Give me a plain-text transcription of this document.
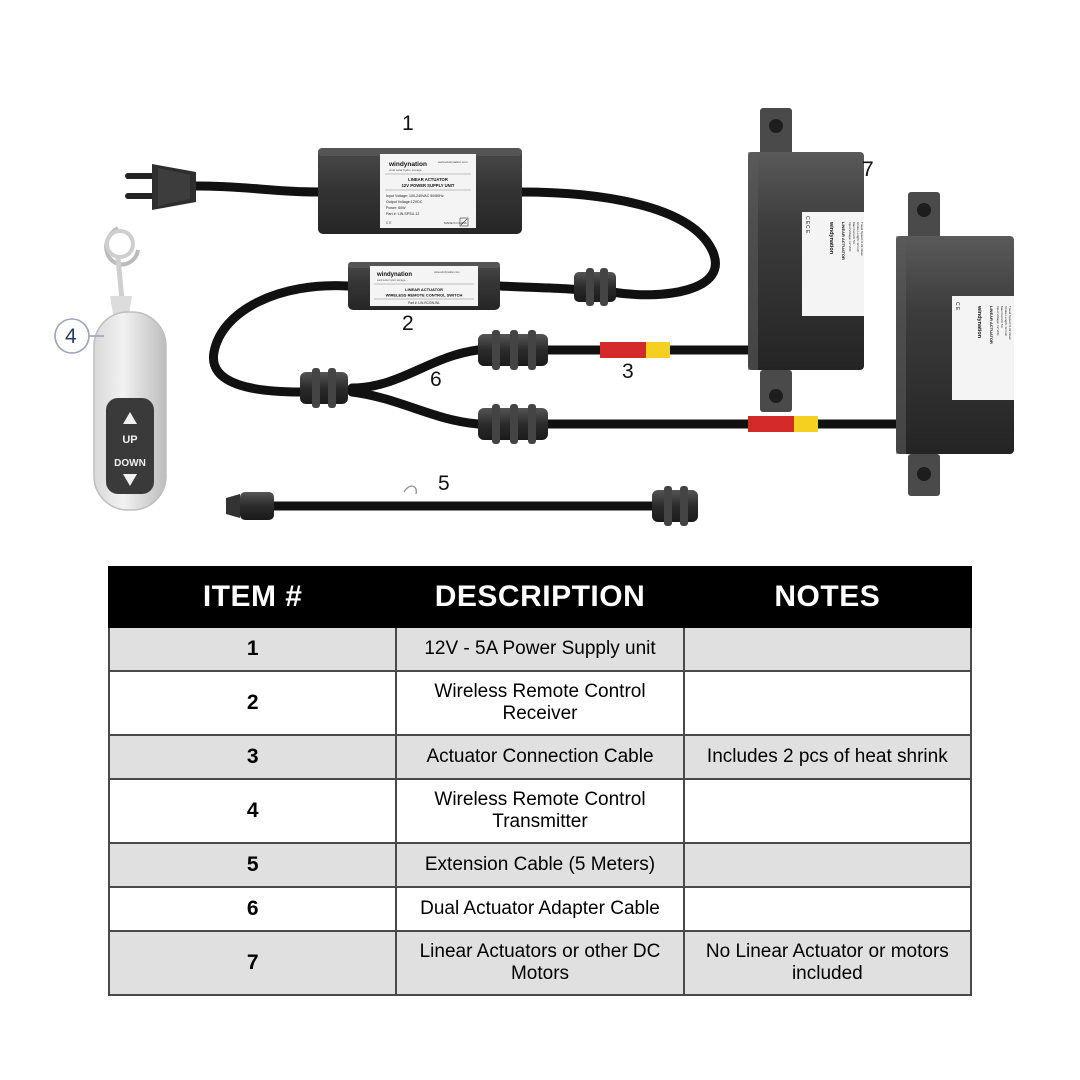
windynation	www.windynation.com
wind solar hydro storage
LINEAR ACTUATOR
12V POWER SUPPLY UNIT
Input Voltage: 100-240VAC 50/60Hz
Output Voltage:12VDC
Power: 60W
Part #: LIN-SPSU-12
C E	MADE IN CHINA
windynation	www.windynation.com
wind solar hydro storage
LINEAR ACTUATOR
WIRELESS REMOTE CONTROL SWITCH
Part #: LIN-RCSW-WL
C E
C E
windynation LINEAR ACTUATOR Input Voltage: 12 VDC Max Current: 5A Stroke Length: 12 inch Travel Speed: 0.39 in/sec
C E	windynation LINEAR ACTUATOR Input Voltage: 12 VDC Max Current: 5A Stroke Length: 12 inch Travel Speed: 0.39 in/sec
UP
DOWN
1
2
3
4
5
6
7
ITEM #	DESCRIPTION	NOTES
1	12V - 5A Power Supply unit	
2	Wireless Remote Control Receiver	
3	Actuator Connection Cable	Includes 2 pcs of heat shrink
4	Wireless Remote Control Transmitter	
5	Extension Cable (5 Meters)	
6	Dual Actuator Adapter Cable	
7	Linear Actuators or other DC Motors	No Linear Actuator or motors included
